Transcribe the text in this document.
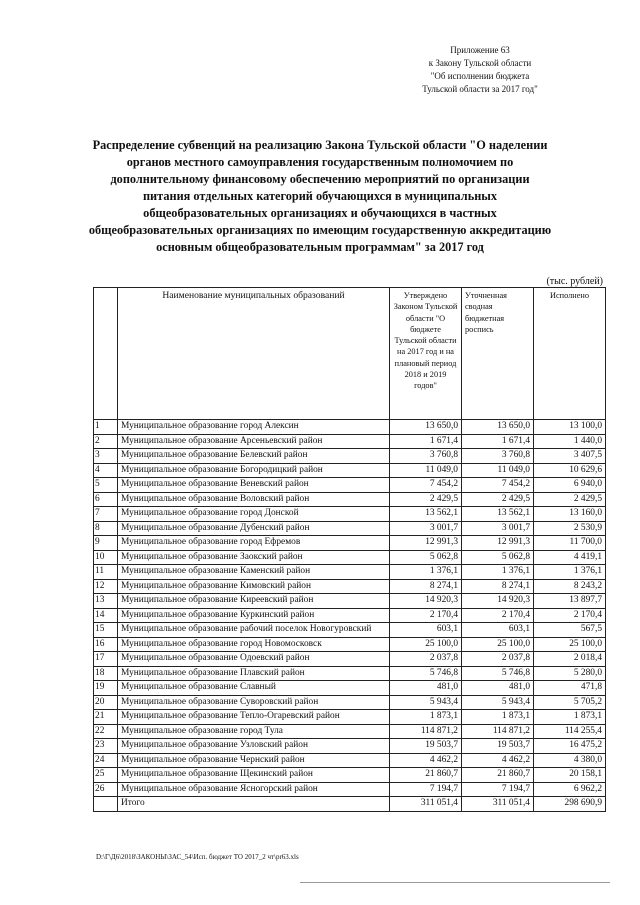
Приложение 63
к Закону Тульской области
"Об исполнении бюджета
Тульской области за 2017 год"
Распределение субвенций на реализацию Закона Тульской области "О наделении
органов местного самоуправления государственным полномочием по
дополнительному финансовому обеспечению мероприятий по организации
питания отдельных категорий обучающихся в муниципальных
общеобразовательных организациях и обучающихся в частных
общеобразовательных организациях по имеющим государственную аккредитацию
основным общеобразовательным программам" за 2017 год
(тыс. рублей)
	Наименование муниципальных образований	Утверждено Законом Тульской области "О бюджете Тульской области на 2017 год и на плановый период 2018 и 2019 годов"	Уточненная сводная бюджетная роспись	Исполнено
1	Муниципальное образование город Алексин	13 650,0	13 650,0	13 100,0
2	Муниципальное образование Арсеньевский район	1 671,4	1 671,4	1 440,0
3	Муниципальное образование Белевский район	3 760,8	3 760,8	3 407,5
4	Муниципальное образование Богородицкий район	11 049,0	11 049,0	10 629,6
5	Муниципальное образование Веневский район	7 454,2	7 454,2	6 940,0
6	Муниципальное образование Воловский район	2 429,5	2 429,5	2 429,5
7	Муниципальное образование город Донской	13 562,1	13 562,1	13 160,0
8	Муниципальное образование Дубенский район	3 001,7	3 001,7	2 530,9
9	Муниципальное образование город Ефремов	12 991,3	12 991,3	11 700,0
10	Муниципальное образование Заокский район	5 062,8	5 062,8	4 419,1
11	Муниципальное образование Каменский район	1 376,1	1 376,1	1 376,1
12	Муниципальное образование Кимовский район	8 274,1	8 274,1	8 243,2
13	Муниципальное образование Киреевский район	14 920,3	14 920,3	13 897,7
14	Муниципальное образование Куркинский район	2 170,4	2 170,4	2 170,4
15	Муниципальное образование рабочий поселок Новогуровский	603,1	603,1	567,5
16	Муниципальное образование город Новомосковск	25 100,0	25 100,0	25 100,0
17	Муниципальное образование Одоевский район	2 037,8	2 037,8	2 018,4
18	Муниципальное образование Плавский район	5 746,8	5 746,8	5 280,0
19	Муниципальное образование Славный	481,0	481,0	471,8
20	Муниципальное образование Суворовский район	5 943,4	5 943,4	5 705,2
21	Муниципальное образование Тепло-Огаревский район	1 873,1	1 873,1	1 873,1
22	Муниципальное образование город Тула	114 871,2	114 871,2	114 255,4
23	Муниципальное образование Узловский район	19 503,7	19 503,7	16 475,2
24	Муниципальное образование Чернский район	4 462,2	4 462,2	4 380,0
25	Муниципальное образование Щекинский район	21 860,7	21 860,7	20 158,1
26	Муниципальное образование Ясногорский район	7 194,7	7 194,7	6 962,2
	Итого	311 051,4	311 051,4	298 690,9
D:\Г\Д6\2018\ЗАКОНЫ\ЗАС_54\Исп. бюджет ТО 2017_2 чт\pr63.xls
